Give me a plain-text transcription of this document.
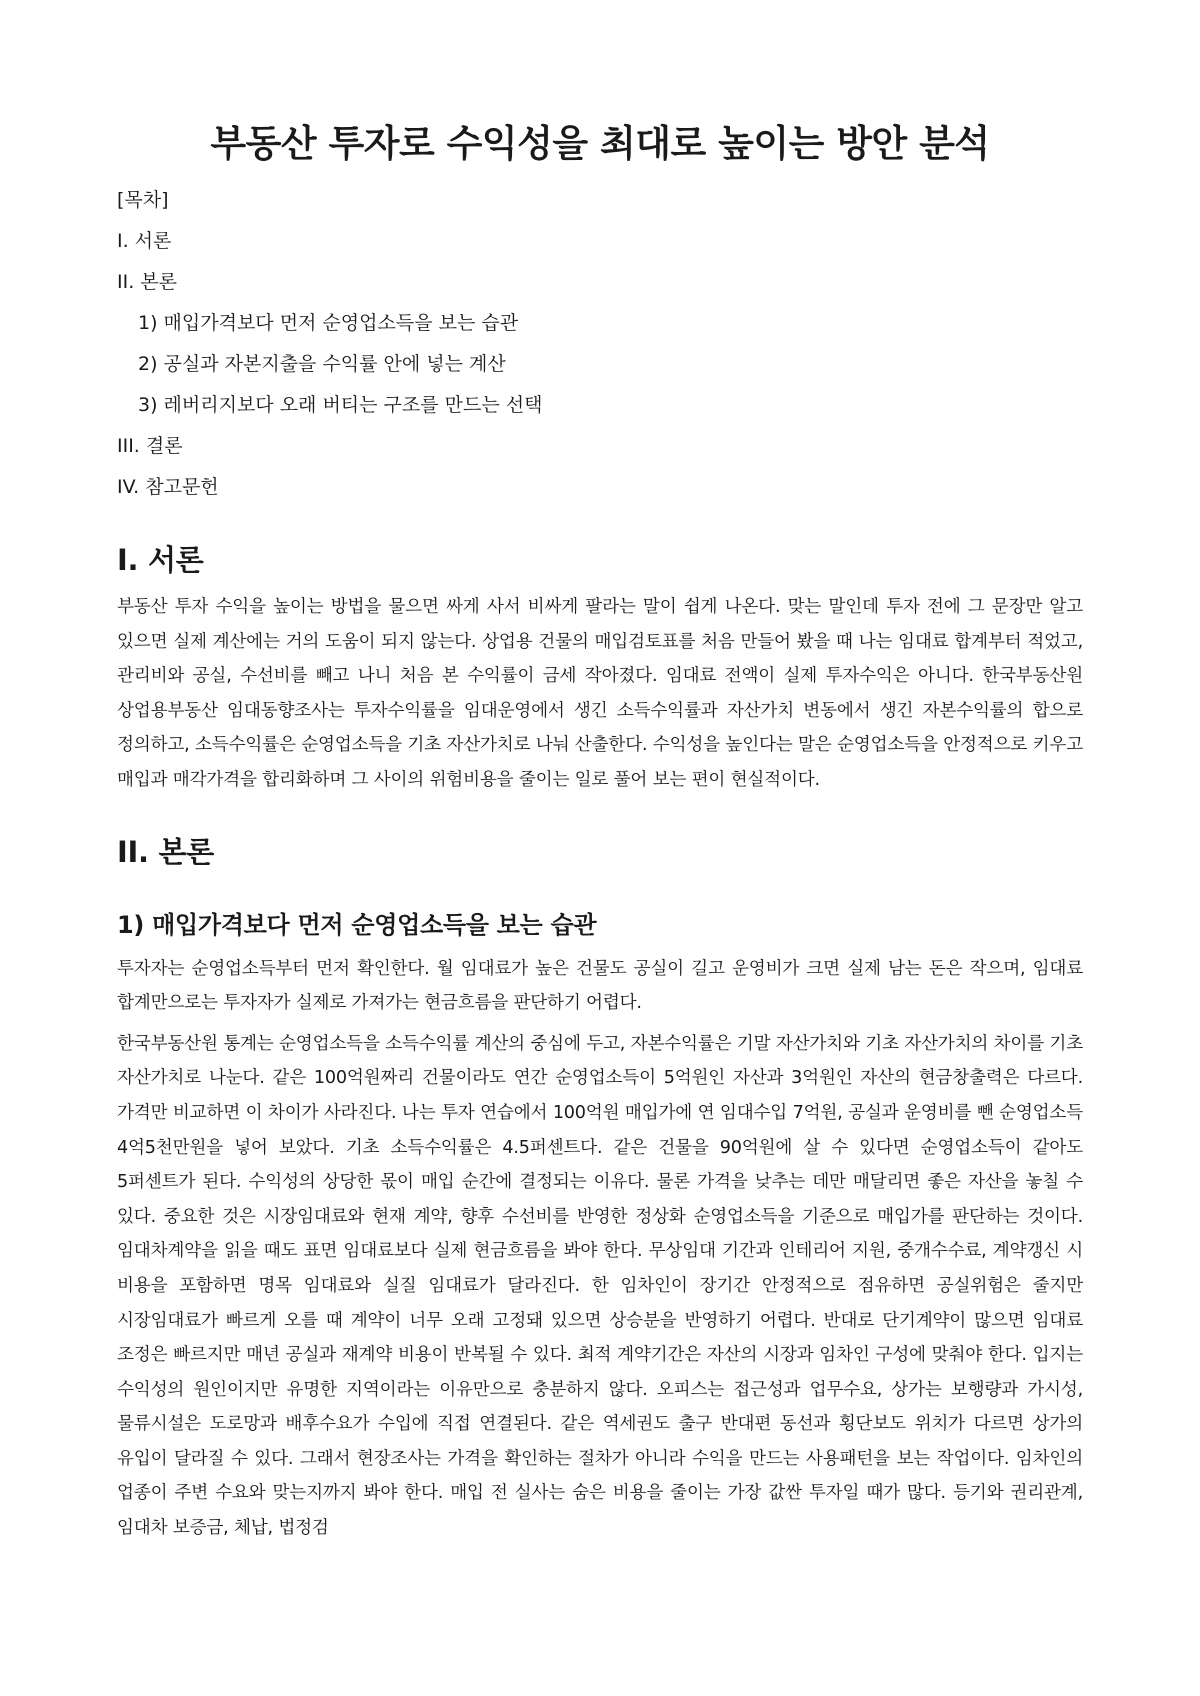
부동산 투자로 수익성을 최대로 높이는 방안 분석
[목차]
I. 서론
II. 본론
1) 매입가격보다 먼저 순영업소득을 보는 습관
2) 공실과 자본지출을 수익률 안에 넣는 계산
3) 레버리지보다 오래 버티는 구조를 만드는 선택
III. 결론
IV. 참고문헌
I. 서론

부동산 투자 수익을 높이는 방법을 물으면 싸게 사서 비싸게 팔라는 말이 쉽게 나온다. 맞는 말인데 투자 전에 그 문장만 알고 있으면 실제 계산에는 거의 도움이 되지 않는다. 상업용 건물의 매입검토표를 처음 만들어 봤을 때 나는 임대료 합계부터 적었고, 관리비와 공실, 수선비를 빼고 나니 처음 본 수익률이 금세 작아졌다. 임대료 전액이 실제 투자수익은 아니다. 한국부동산원 상업용부동산 임대동향조사는 투자수익률을 임대운영에서 생긴 소득수익률과 자산가치 변동에서 생긴 자본수익률의 합으로 정의하고, 소득수익률은 순영업소득을 기초 자산가치로 나눠 산출한다. 수익성을 높인다는 말은 순영업소득을 안정적으로 키우고 매입과 매각가격을 합리화하며 그 사이의 위험비용을 줄이는 일로 풀어 보는 편이 현실적이다.

II. 본론
1) 매입가격보다 먼저 순영업소득을 보는 습관

투자자는 순영업소득부터 먼저 확인한다. 월 임대료가 높은 건물도 공실이 길고 운영비가 크면 실제 남는 돈은 작으며, 임대료 합계만으로는 투자자가 실제로 가져가는 현금흐름을 판단하기 어렵다.

한국부동산원 통계는 순영업소득을 소득수익률 계산의 중심에 두고, 자본수익률은 기말 자산가치와 기초 자산가치의 차이를 기초 자산가치로 나눈다. 같은 100억원짜리 건물이라도 연간 순영업소득이 5억원인 자산과 3억원인 자산의 현금창출력은 다르다. 가격만 비교하면 이 차이가 사라진다. 나는 투자 연습에서 100억원 매입가에 연 임대수입 7억원, 공실과 운영비를 뺀 순영업소득 4억5천만원을 넣어 보았다. 기초 소득수익률은 4.5퍼센트다. 같은 건물을 90억원에 살 수 있다면 순영업소득이 같아도 5퍼센트가 된다. 수익성의 상당한 몫이 매입 순간에 결정되는 이유다. 물론 가격을 낮추는 데만 매달리면 좋은 자산을 놓칠 수 있다. 중요한 것은 시장임대료와 현재 계약, 향후 수선비를 반영한 정상화 순영업소득을 기준으로 매입가를 판단하는 것이다. 임대차계약을 읽을 때도 표면 임대료보다 실제 현금흐름을 봐야 한다. 무상임대 기간과 인테리어 지원, 중개수수료, 계약갱신 시 비용을 포함하면 명목 임대료와 실질 임대료가 달라진다. 한 임차인이 장기간 안정적으로 점유하면 공실위험은 줄지만 시장임대료가 빠르게 오를 때 계약이 너무 오래 고정돼 있으면 상승분을 반영하기 어렵다. 반대로 단기계약이 많으면 임대료 조정은 빠르지만 매년 공실과 재계약 비용이 반복될 수 있다. 최적 계약기간은 자산의 시장과 임차인 구성에 맞춰야 한다. 입지는 수익성의 원인이지만 유명한 지역이라는 이유만으로 충분하지 않다. 오피스는 접근성과 업무수요, 상가는 보행량과 가시성, 물류시설은 도로망과 배후수요가 수입에 직접 연결된다. 같은 역세권도 출구 반대편 동선과 횡단보도 위치가 다르면 상가의 유입이 달라질 수 있다. 그래서 현장조사는 가격을 확인하는 절차가 아니라 수익을 만드는 사용패턴을 보는 작업이다. 임차인의 업종이 주변 수요와 맞는지까지 봐야 한다. 매입 전 실사는 숨은 비용을 줄이는 가장 값싼 투자일 때가 많다. 등기와 권리관계, 임대차 보증금, 체납, 법정검
